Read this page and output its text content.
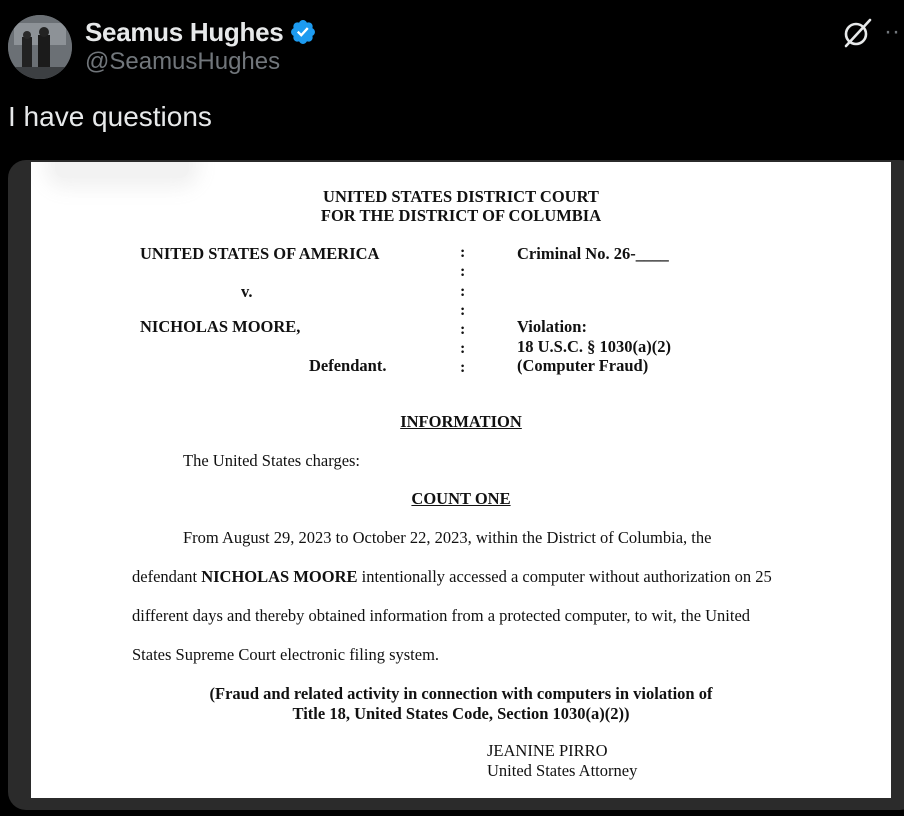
Seamus Hughes
@SeamusHughes
··
I have questions
UNITED STATES DISTRICT COURT
FOR THE DISTRICT OF COLUMBIA
UNITED STATES OF AMERICA
v.
NICHOLAS MOORE,
Defendant.
:
:
:
:
:
:
:
Criminal No. 26-____
Violation:
18 U.S.C. § 1030(a)(2)
(Computer Fraud)
INFORMATION
The United States charges:
COUNT ONE
From August 29, 2023 to October 22, 2023, within the District of Columbia, the
defendant NICHOLAS MOORE intentionally accessed a computer without authorization on 25
different days and thereby obtained information from a protected computer, to wit, the United
States Supreme Court electronic filing system.
(Fraud and related activity in connection with computers in violation of
Title 18, United States Code, Section 1030(a)(2))
JEANINE PIRRO
United States Attorney
